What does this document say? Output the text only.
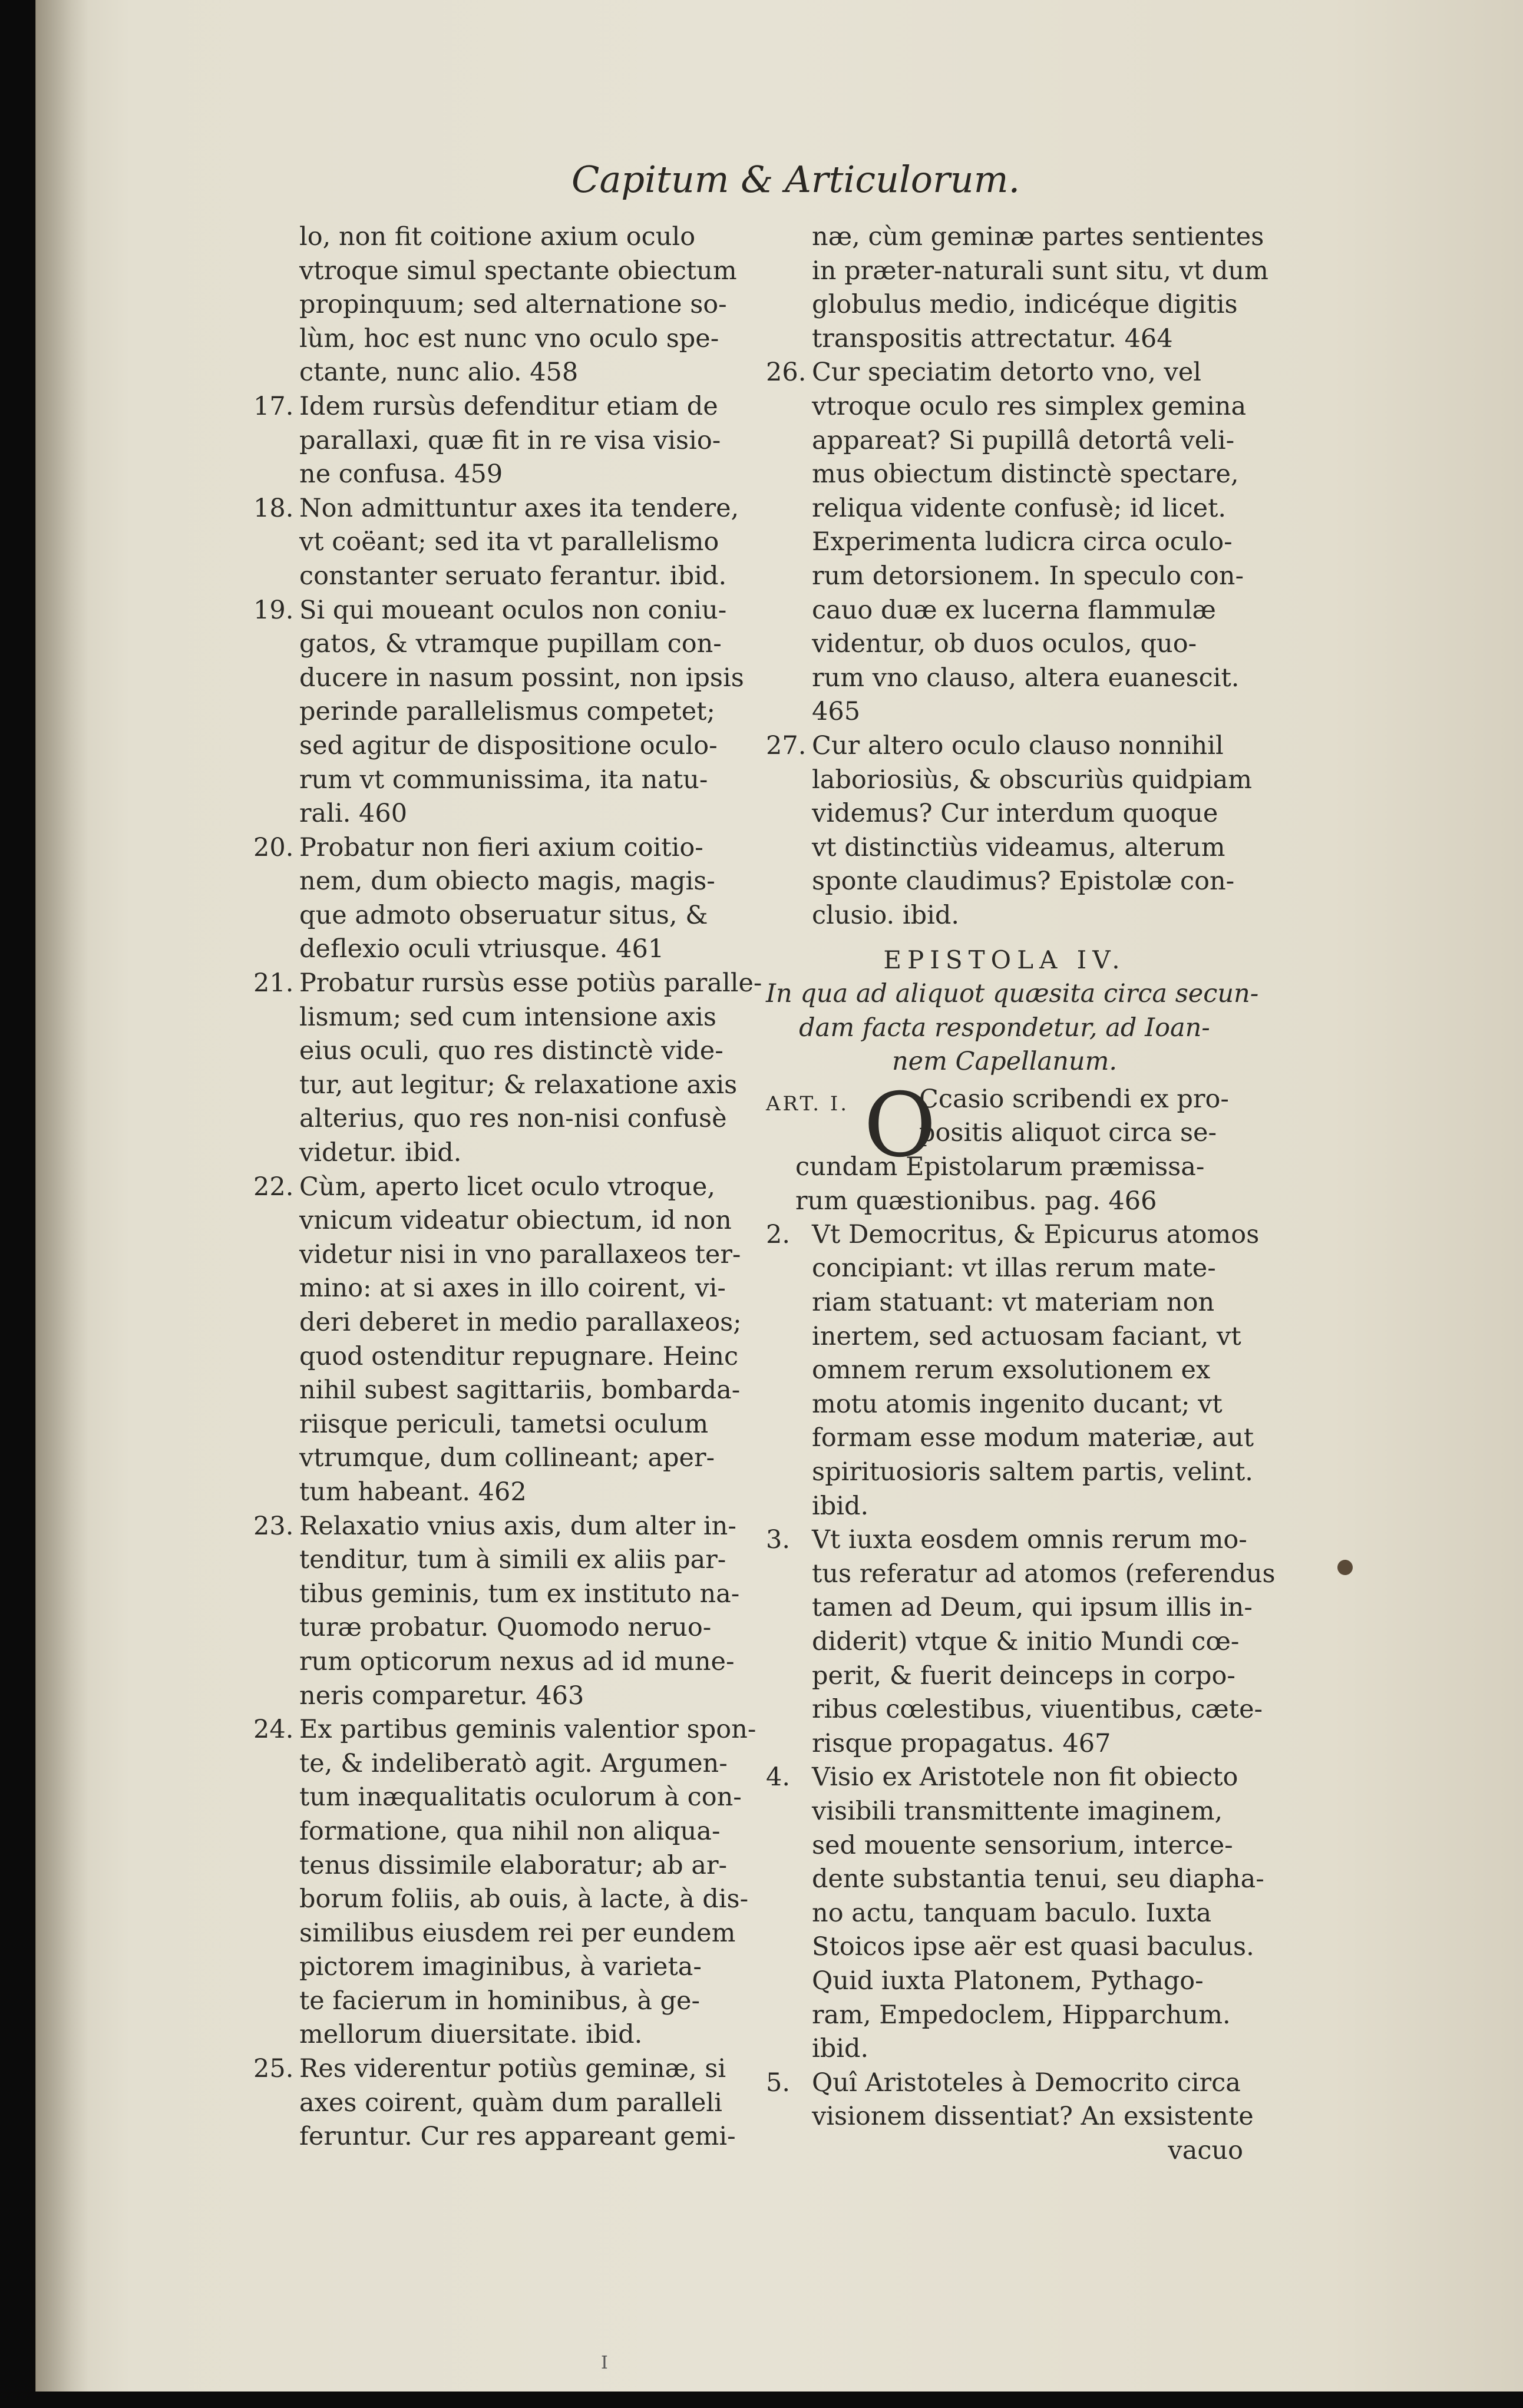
Capitum & Articulorum.
lo, non fit coitione axium oculo
vtroque simul spectante obiectum
propinquum; sed alternatione so-
lùm, hoc est nunc vno oculo spe-
ctante, nunc alio. 458
17. Idem rursùs defenditur etiam de
parallaxi, quæ fit in re visa visio-
ne confusa. 459
18. Non admittuntur axes ita tendere,
vt coëant; sed ita vt parallelismo
constanter seruato ferantur. ibid.
19. Si qui moueant oculos non coniu-
gatos, & vtramque pupillam con-
ducere in nasum possint, non ipsis
perinde parallelismus competet;
sed agitur de dispositione oculo-
rum vt communissima, ita natu-
rali. 460
20. Probatur non fieri axium coitio-
nem, dum obiecto magis, magis-
que admoto obseruatur situs, &
deflexio oculi vtriusque. 461
21. Probatur rursùs esse potiùs paralle-
lismum; sed cum intensione axis
eius oculi, quo res distinctè vide-
tur, aut legitur; & relaxatione axis
alterius, quo res non-nisi confusè
videtur. ibid.
22. Cùm, aperto licet oculo vtroque,
vnicum videatur obiectum, id non
videtur nisi in vno parallaxeos ter-
mino: at si axes in illo coirent, vi-
deri deberet in medio parallaxeos;
quod ostenditur repugnare. Heinc
nihil subest sagittariis, bombarda-
riisque periculi, tametsi oculum
vtrumque, dum collineant; aper-
tum habeant. 462
23. Relaxatio vnius axis, dum alter in-
tenditur, tum à simili ex aliis par-
tibus geminis, tum ex instituto na-
turæ probatur. Quomodo neruo-
rum opticorum nexus ad id mune-
neris comparetur. 463
24. Ex partibus geminis valentior spon-
te, & indeliberatò agit. Argumen-
tum inæqualitatis oculorum à con-
formatione, qua nihil non aliqua-
tenus dissimile elaboratur; ab ar-
borum foliis, ab ouis, à lacte, à dis-
similibus eiusdem rei per eundem
pictorem imaginibus, à varieta-
te facierum in hominibus, à ge-
mellorum diuersitate. ibid.
25. Res viderentur potiùs geminæ, si
axes coirent, quàm dum paralleli
feruntur. Cur res appareant gemi-
næ, cùm geminæ partes sentientes
in præter-naturali sunt situ, vt dum
globulus medio, indicéque digitis
transpositis attrectatur. 464
26. Cur speciatim detorto vno, vel
vtroque oculo res simplex gemina
appareat? Si pupillâ detortâ veli-
mus obiectum distinctè spectare,
reliqua vidente confusè; id licet.
Experimenta ludicra circa oculo-
rum detorsionem. In speculo con-
cauo duæ ex lucerna flammulæ
videntur, ob duos oculos, quo-
rum vno clauso, altera euanescit.
465
27. Cur altero oculo clauso nonnihil
laboriosiùs, & obscuriùs quidpiam
videmus? Cur interdum quoque
vt distinctiùs videamus, alterum
sponte claudimus? Epistolæ con-
clusio. ibid.
EPISTOLA IV.
In qua ad aliquot quæsita circa secun-
dam facta respondetur, ad Ioan-
nem Capellanum.
ART. I. O
Ccasio scribendi ex pro-
positis aliquot circa se-
cundam Epistolarum præmissa-
rum quæstionibus. pag. 466
2. Vt Democritus, & Epicurus atomos
concipiant: vt illas rerum mate-
riam statuant: vt materiam non
inertem, sed actuosam faciant, vt
omnem rerum exsolutionem ex
motu atomis ingenito ducant; vt
formam esse modum materiæ, aut
spirituosioris saltem partis, velint.
ibid.
3. Vt iuxta eosdem omnis rerum mo-
tus referatur ad atomos (referendus
tamen ad Deum, qui ipsum illis in-
diderit) vtque & initio Mundi cœ-
perit, & fuerit deinceps in corpo-
ribus cœlestibus, viuentibus, cæte-
risque propagatus. 467
4. Visio ex Aristotele non fit obiecto
visibili transmittente imaginem,
sed mouente sensorium, interce-
dente substantia tenui, seu diapha-
no actu, tanquam baculo. Iuxta
Stoicos ipse aër est quasi baculus.
Quid iuxta Platonem, Pythago-
ram, Empedoclem, Hipparchum.
ibid.
5. Quî Aristoteles à Democrito circa
visionem dissentiat? An exsistente
vacuo
I
